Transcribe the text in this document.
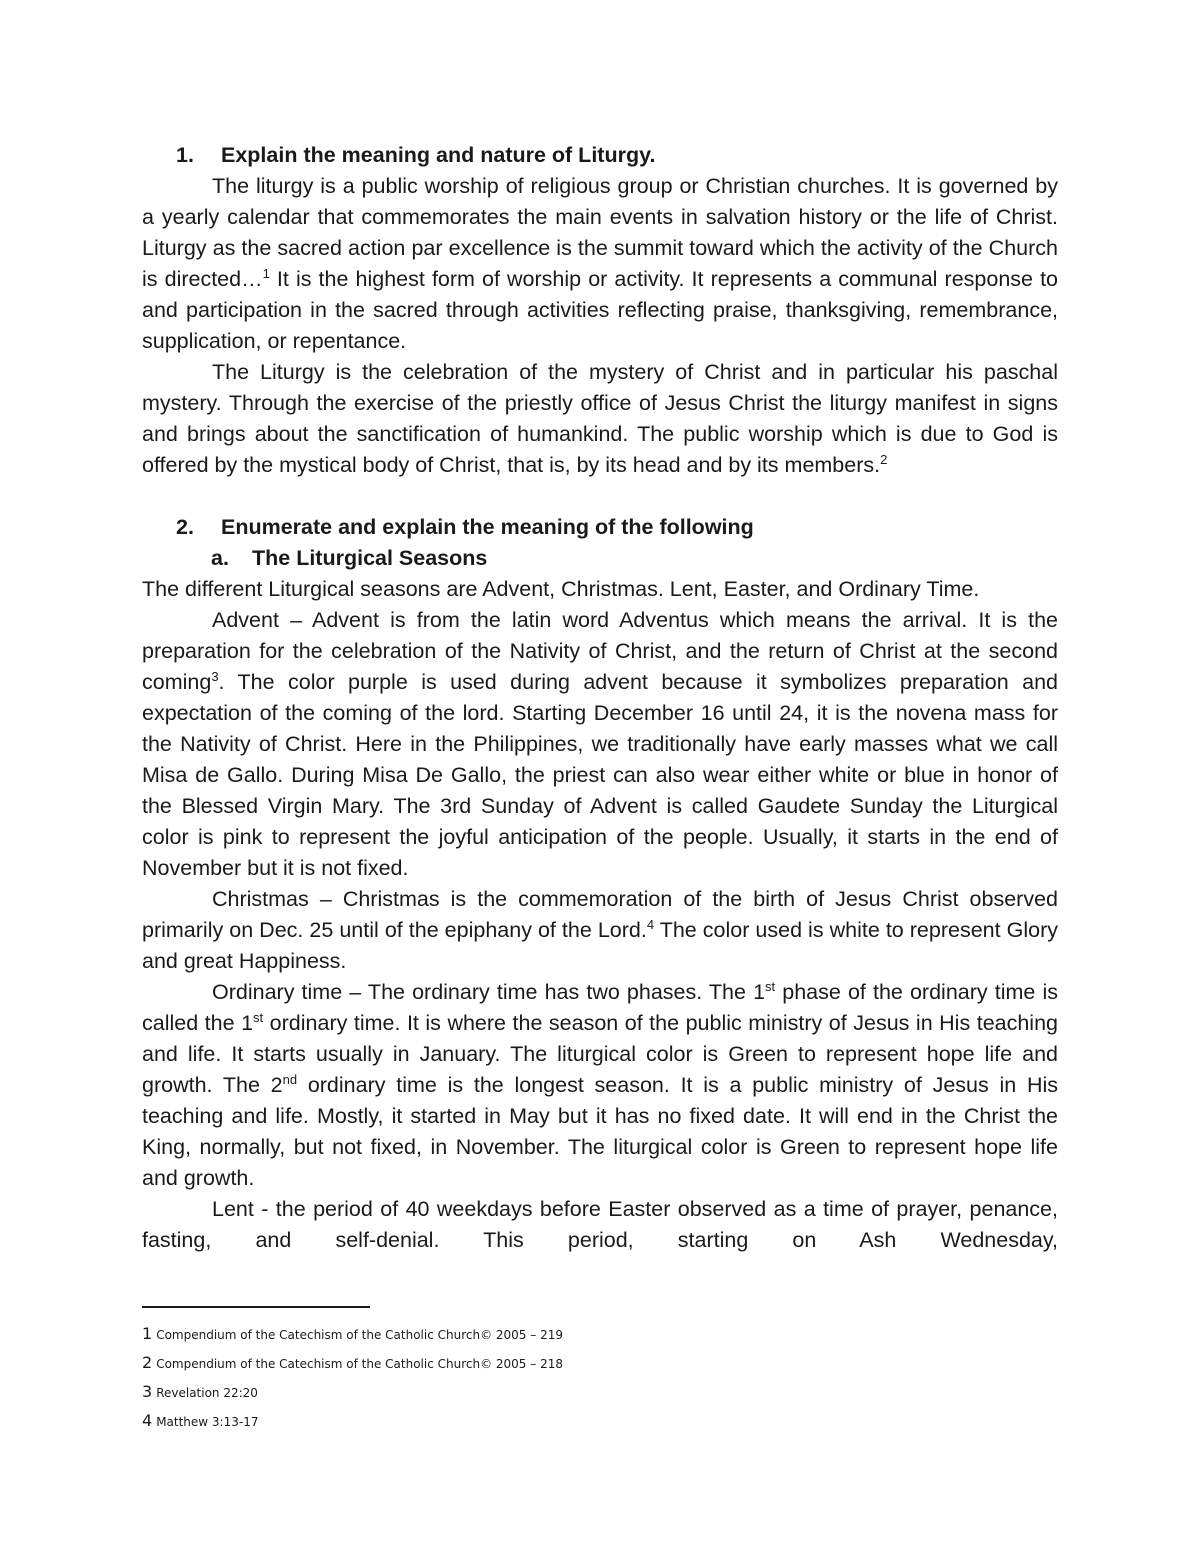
1.	Explain the meaning and nature of Liturgy.

The liturgy is a public worship of religious group or Christian churches. It is governed by a yearly calendar that commemorates the main events in salvation history or the life of Christ. Liturgy as the sacred action par excellence is the summit toward which the activity of the Church is directed…$^1$ It is the highest form of worship or activity. It represents a communal response to and participation in the sacred through activities reflecting praise, thanksgiving, remembrance, supplication, or repentance.

The Liturgy is the celebration of the mystery of Christ and in particular his paschal mystery. Through the exercise of the priestly office of Jesus Christ the liturgy manifest in signs and brings about the sanctification of humankind. The public worship which is due to God is offered by the mystical body of Christ, that is, by its head and by its members.$^2$

2.	Enumerate and explain the meaning of the following
a.	The Liturgical Seasons

The different Liturgical seasons are Advent, Christmas. Lent, Easter, and Ordinary Time.

Advent – Advent is from the latin word Adventus which means the arrival. It is the preparation for the celebration of the Nativity of Christ, and the return of Christ at the second coming$^3$. The color purple is used during advent because it symbolizes preparation and expectation of the coming of the lord. Starting December 16 until 24, it is the novena mass for the Nativity of Christ. Here in the Philippines, we traditionally have early masses what we call Misa de Gallo. During Misa De Gallo, the priest can also wear either white or blue in honor of the Blessed Virgin Mary. The 3rd Sunday of Advent is called Gaudete Sunday the Liturgical color is pink to represent the joyful anticipation of the people. Usually, it starts in the end of November but it is not fixed.

Christmas – Christmas is the commemoration of the birth of Jesus Christ observed primarily on Dec. 25 until of the epiphany of the Lord.$^4$ The color used is white to represent Glory and great Happiness.

Ordinary time – The ordinary time has two phases. The 1st phase of the ordinary time is called the 1st ordinary time. It is where the season of the public ministry of Jesus in His teaching and life. It starts usually in January. The liturgical color is Green to represent hope life and growth. The 2nd ordinary time is the longest season. It is a public ministry of Jesus in His teaching and life. Mostly, it started in May but it has no fixed date. It will end in the Christ the King, normally, but not fixed, in November. The liturgical color is Green to represent hope life and growth.

Lent - the period of 40 weekdays before Easter observed as a time of prayer, penance, fasting, and self-denial. This period, starting on Ash Wednesday,

1 Compendium of the Catechism of the Catholic Church© 2005 – 219
2 Compendium of the Catechism of the Catholic Church© 2005 – 218
3 Revelation 22:20
4 Matthew 3:13-17
